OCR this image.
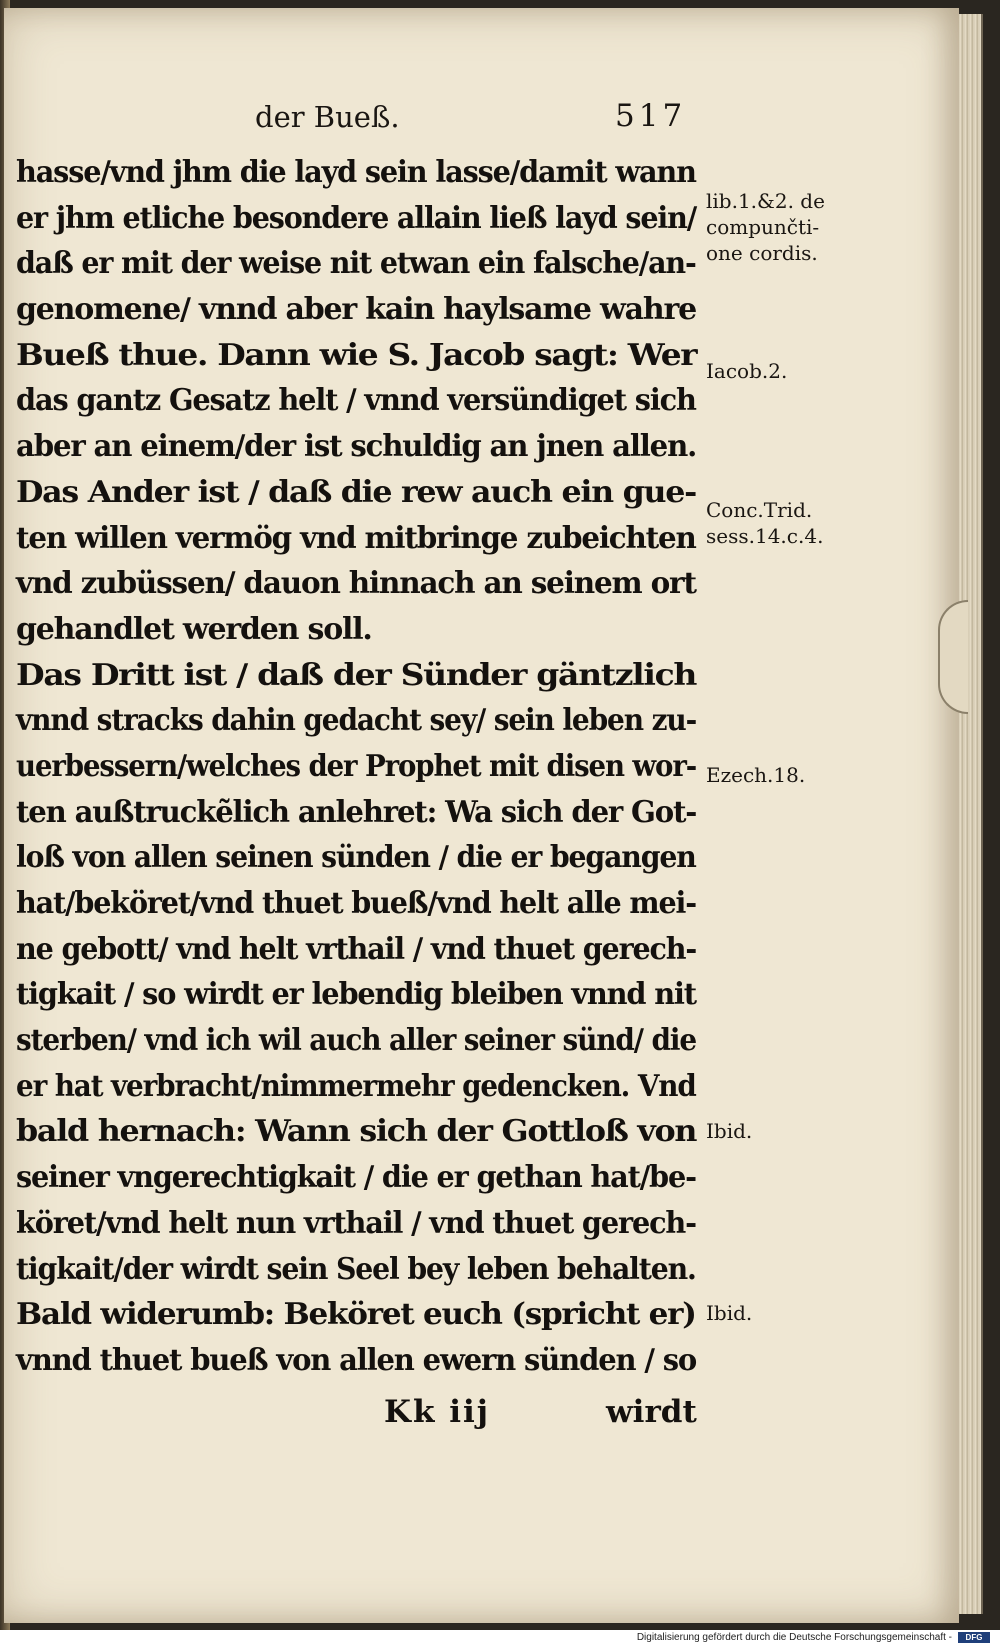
der Bueß.	517
hasse/vnd jhm die layd sein lasse/damit wann
er jhm etliche besondere allain ließ layd sein/
daß er mit der weise nit etwan ein falsche/an-
genomene/ vnnd aber kain haylsame wahre
Bueß thue. Dann wie S. Jacob sagt: Wer
das gantz Gesatz helt / vnnd versündiget sich
aber an einem/der ist schuldig an jnen allen.
Das Ander ist / daß die rew auch ein gue-
ten willen vermög vnd mitbringe zubeichten
vnd zubüssen/ dauon hinnach an seinem ort
gehandlet werden soll.
Das Dritt ist / daß der Sünder gäntzlich
vnnd stracks dahin gedacht sey/ sein leben zu-
uerbessern/welches der Prophet mit disen wor-
ten außtruckẽlich anlehret: Wa sich der Got-
loß von allen seinen sünden / die er begangen
hat/beköret/vnd thuet bueß/vnd helt alle mei-
ne gebott/ vnd helt vrthail / vnd thuet gerech-
tigkait / so wirdt er lebendig bleiben vnnd nit
sterben/ vnd ich wil auch aller seiner sünd/ die
er hat verbracht/nimmermehr gedencken. Vnd
bald hernach: Wann sich der Gottloß von
seiner vngerechtigkait / die er gethan hat/be-
köret/vnd helt nun vrthail / vnd thuet gerech-
tigkait/der wirdt sein Seel bey leben behalten.
Bald widerumb: Beköret euch (spricht er)
vnnd thuet bueß von allen ewern sünden / so
lib.1.&2. de
compunčti-
one cordis.
Iacob.2.
Conc.Trid.
sess.14.c.4.
Ezech.18.
Ibid.
Ibid.
Kk iij	wirdt
Digitalisierung gefördert durch die Deutsche Forschungsgemeinschaft -	DFG
